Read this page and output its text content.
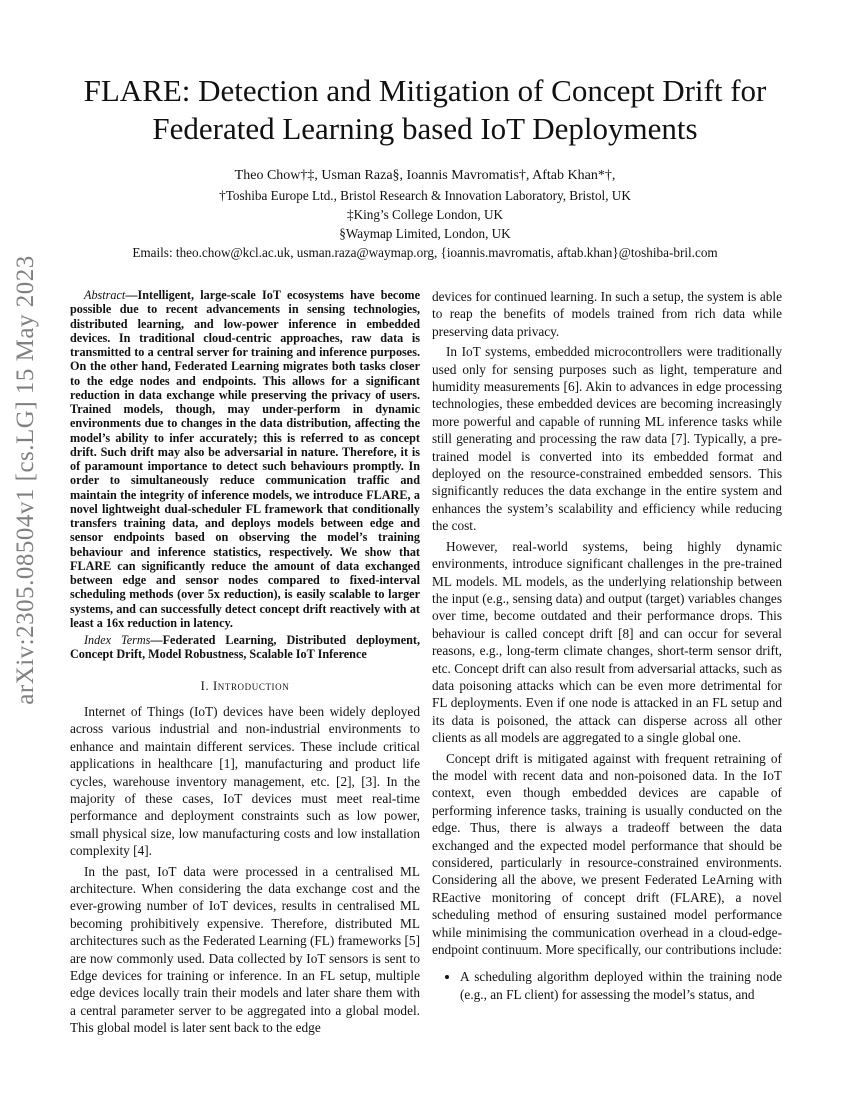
arXiv:2305.08504v1 [cs.LG] 15 May 2023
FLARE: Detection and Mitigation of Concept Drift for Federated Learning based IoT Deployments
Theo Chow†‡, Usman Raza§, Ioannis Mavromatis†, Aftab Khan*†,
†Toshiba Europe Ltd., Bristol Research & Innovation Laboratory, Bristol, UK
‡King’s College London, UK
§Waymap Limited, London, UK
Emails: theo.chow@kcl.ac.uk, usman.raza@waymap.org, {ioannis.mavromatis, aftab.khan}@toshiba-bril.com

Abstract—Intelligent, large-scale IoT ecosystems have become possible due to recent advancements in sensing technologies, distributed learning, and low-power inference in embedded devices. In traditional cloud-centric approaches, raw data is transmitted to a central server for training and inference purposes. On the other hand, Federated Learning migrates both tasks closer to the edge nodes and endpoints. This allows for a significant reduction in data exchange while preserving the privacy of users. Trained models, though, may under-perform in dynamic environments due to changes in the data distribution, affecting the model’s ability to infer accurately; this is referred to as concept drift. Such drift may also be adversarial in nature. Therefore, it is of paramount importance to detect such behaviours promptly. In order to simultaneously reduce communication traffic and maintain the integrity of inference models, we introduce FLARE, a novel lightweight dual-scheduler FL framework that conditionally transfers training data, and deploys models between edge and sensor endpoints based on observing the model’s training behaviour and inference statistics, respectively. We show that FLARE can significantly reduce the amount of data exchanged between edge and sensor nodes compared to fixed-interval scheduling methods (over 5x reduction), is easily scalable to larger systems, and can successfully detect concept drift reactively with at least a 16x reduction in latency.

Index Terms—Federated Learning, Distributed deployment, Concept Drift, Model Robustness, Scalable IoT Inference

I. Introduction

Internet of Things (IoT) devices have been widely deployed across various industrial and non-industrial environments to enhance and maintain different services. These include critical applications in healthcare [1], manufacturing and product life cycles, warehouse inventory management, etc. [2], [3]. In the majority of these cases, IoT devices must meet real-time performance and deployment constraints such as low power, small physical size, low manufacturing costs and low installation complexity [4].

In the past, IoT data were processed in a centralised ML architecture. When considering the data exchange cost and the ever-growing number of IoT devices, results in centralised ML becoming prohibitively expensive. Therefore, distributed ML architectures such as the Federated Learning (FL) frameworks [5] are now commonly used. Data collected by IoT sensors is sent to Edge devices for training or inference. In an FL setup, multiple edge devices locally train their models and later share them with a central parameter server to be aggregated into a global model. This global model is later sent back to the edge

devices for continued learning. In such a setup, the system is able to reap the benefits of models trained from rich data while preserving data privacy.

In IoT systems, embedded microcontrollers were traditionally used only for sensing purposes such as light, temperature and humidity measurements [6]. Akin to advances in edge processing technologies, these embedded devices are becoming increasingly more powerful and capable of running ML inference tasks while still generating and processing the raw data [7]. Typically, a pre-trained model is converted into its embedded format and deployed on the resource-constrained embedded sensors. This significantly reduces the data exchange in the entire system and enhances the system’s scalability and efficiency while reducing the cost.

However, real-world systems, being highly dynamic environments, introduce significant challenges in the pre-trained ML models. ML models, as the underlying relationship between the input (e.g., sensing data) and output (target) variables changes over time, become outdated and their performance drops. This behaviour is called concept drift [8] and can occur for several reasons, e.g., long-term climate changes, short-term sensor drift, etc. Concept drift can also result from adversarial attacks, such as data poisoning attacks which can be even more detrimental for FL deployments. Even if one node is attacked in an FL setup and its data is poisoned, the attack can disperse across all other clients as all models are aggregated to a single global one.

Concept drift is mitigated against with frequent retraining of the model with recent data and non-poisoned data. In the IoT context, even though embedded devices are capable of performing inference tasks, training is usually conducted on the edge. Thus, there is always a tradeoff between the data exchanged and the expected model performance that should be considered, particularly in resource-constrained environments. Considering all the above, we present Federated LeArning with REactive monitoring of concept drift (FLARE), a novel scheduling method of ensuring sustained model performance while minimising the communication overhead in a cloud-edge-endpoint continuum. More specifically, our contributions include:

• A scheduling algorithm deployed within the training node (e.g., an FL client) for assessing the model’s status, and
